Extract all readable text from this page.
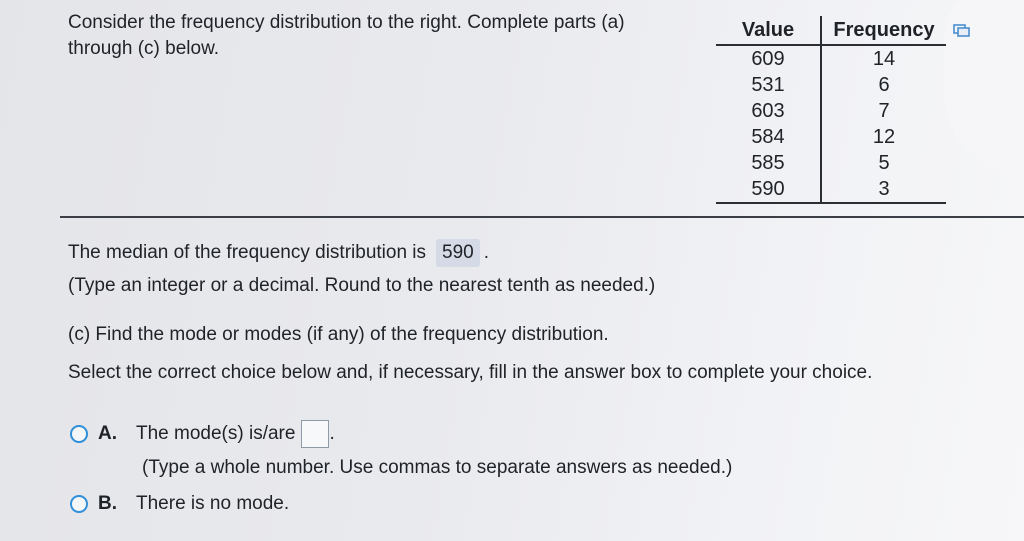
Consider the frequency distribution to the right. Complete parts (a)
through (c) below.
Value	Frequency
609	14
531	6
603	7
584	12
585	5
590	3
The median of the frequency distribution is 590 .
(Type an integer or a decimal. Round to the nearest tenth as needed.)
(c) Find the mode or modes (if any) of the frequency distribution.
Select the correct choice below and, if necessary, fill in the answer box to complete your choice.
A.	The mode(s) is/are .
(Type a whole number. Use commas to separate answers as needed.)
B.	There is no mode.
